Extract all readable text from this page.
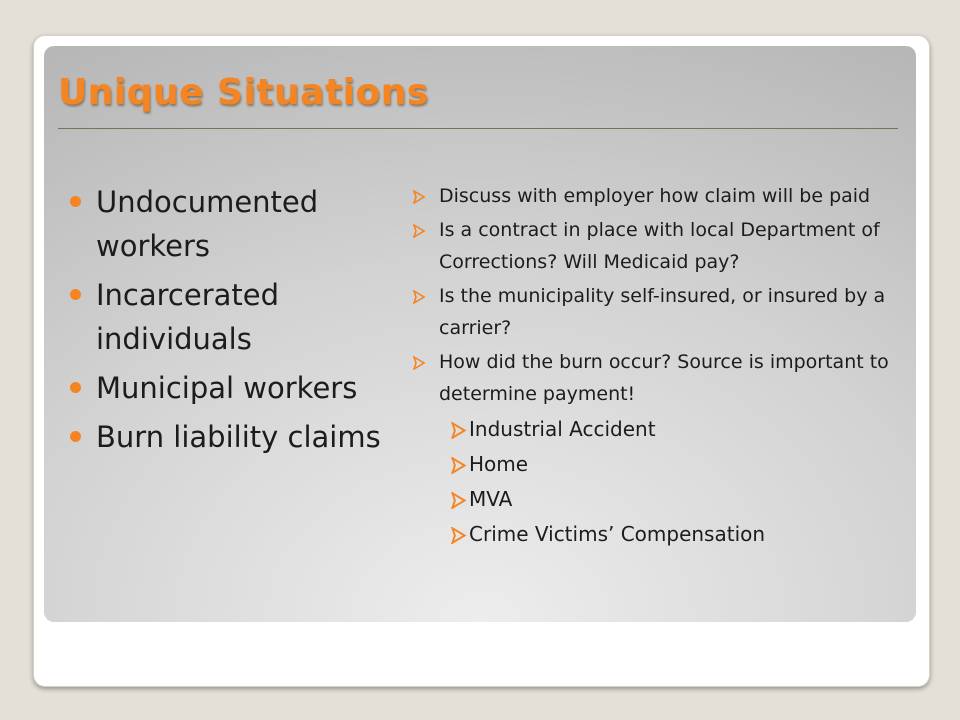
Unique Situations
Undocumented workers
Incarcerated individuals
Municipal workers
Burn liability claims
Discuss with employer how claim will be paid
Is a contract in place with local Department of Corrections? Will Medicaid pay?
Is the municipality self-insured, or insured by a carrier?
How did the burn occur? Source is important to determine payment!
Industrial Accident
Home
MVA
Crime Victims’ Compensation
